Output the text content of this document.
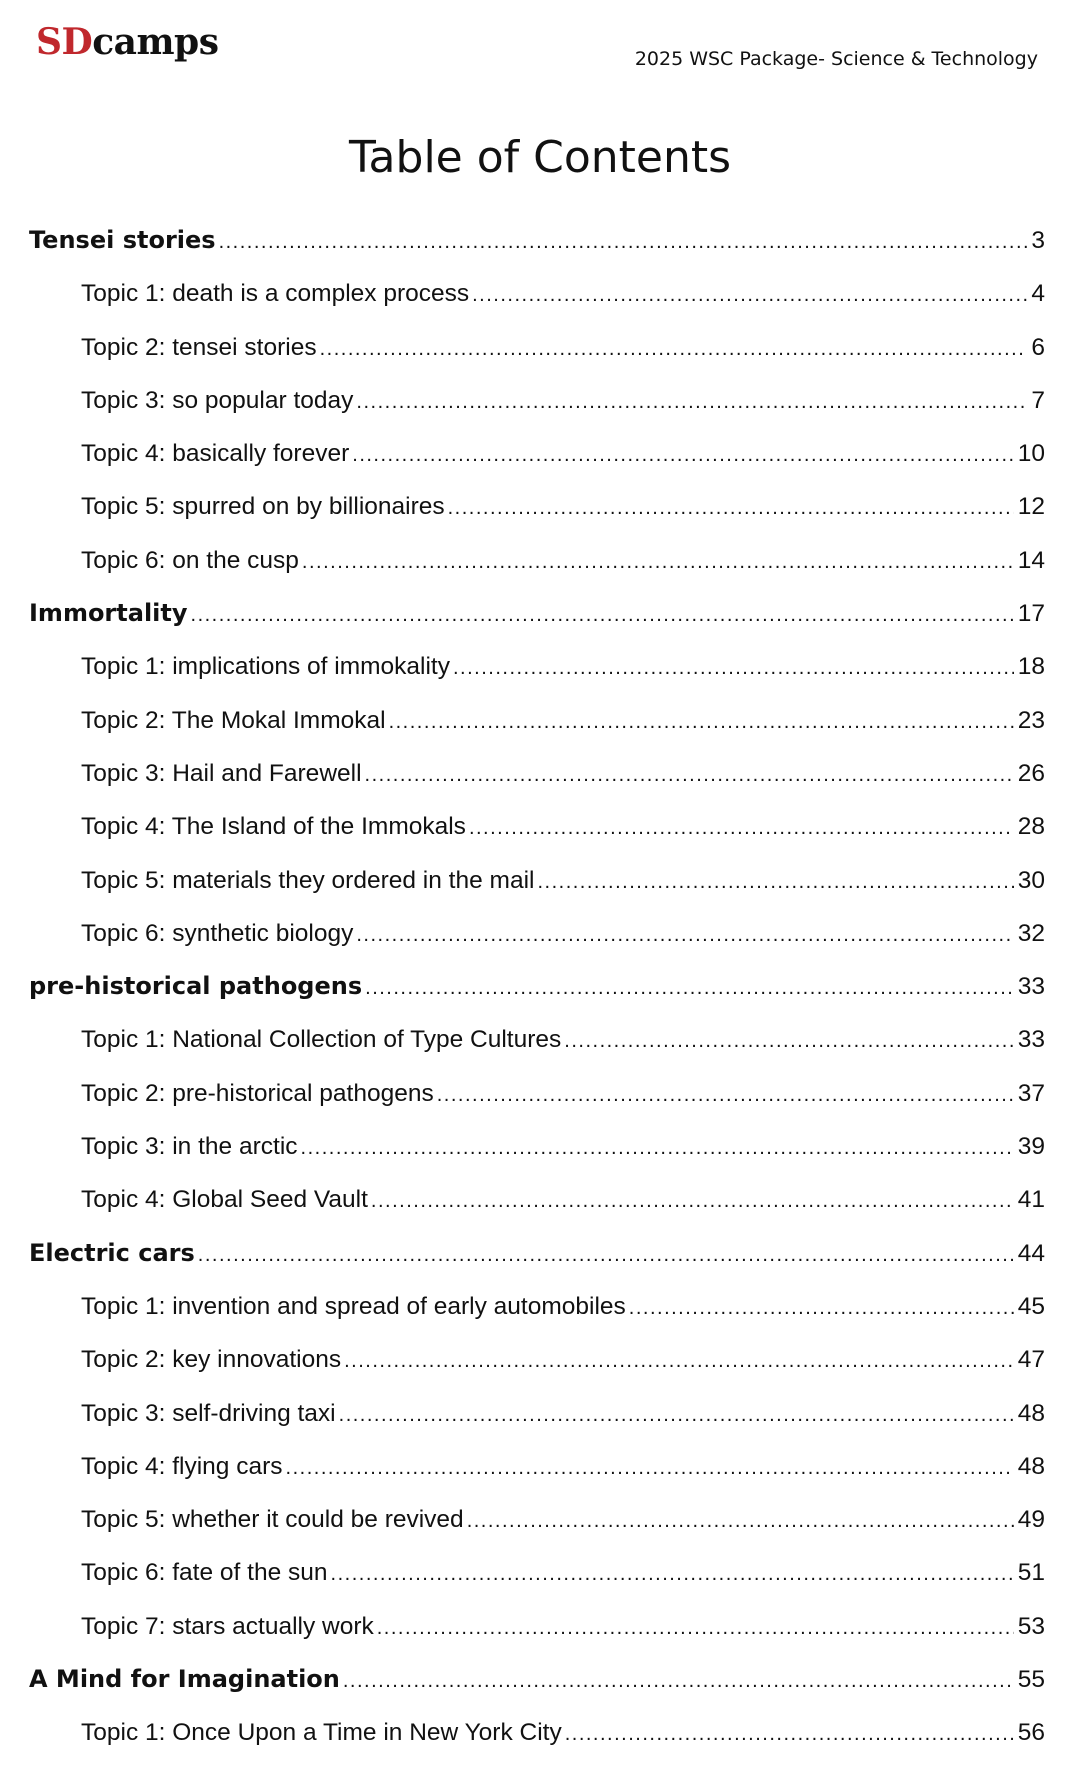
SDcamps	2025 WSC Package- Science & Technology
Table of Contents
Tensei stories .....	3
Topic 1: death is a complex process .....	4
Topic 2: tensei stories .....	6
Topic 3: so popular today .....	7
Topic 4: basically forever .....	10
Topic 5: spurred on by billionaires .....	12
Topic 6: on the cusp .....	14
Immortality .....	17
Topic 1: implications of immokality .....	18
Topic 2: The Mokal Immokal .....	23
Topic 3: Hail and Farewell .....	26
Topic 4: The Island of the Immokals .....	28
Topic 5: materials they ordered in the mail .....	30
Topic 6: synthetic biology .....	32
pre-historical pathogens .....	33
Topic 1: National Collection of Type Cultures .....	33
Topic 2: pre-historical pathogens .....	37
Topic 3: in the arctic .....	39
Topic 4: Global Seed Vault .....	41
Electric cars .....	44
Topic 1: invention and spread of early automobiles .....	45
Topic 2: key innovations .....	47
Topic 3: self-driving taxi .....	48
Topic 4: flying cars .....	48
Topic 5: whether it could be revived .....	49
Topic 6: fate of the sun .....	51
Topic 7: stars actually work .....	53
A Mind for Imagination .....	55
Topic 1: Once Upon a Time in New York City .....	56
